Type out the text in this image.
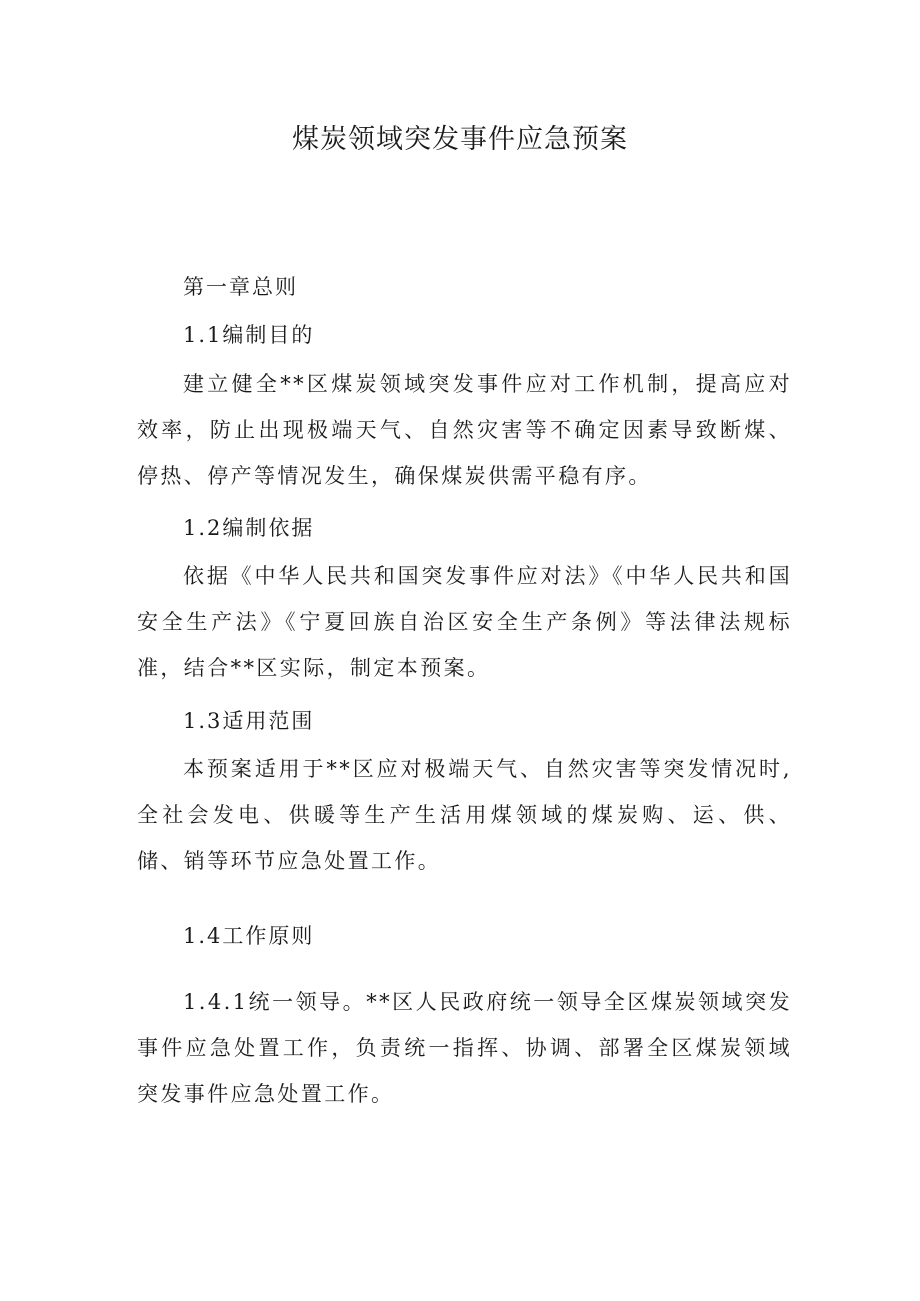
煤炭领域突发事件应急预案

第一章总则

1.1编制目的

建立健全**区煤炭领域突发事件应对工作机制，提高应对效率，防止出现极端天气、自然灾害等不确定因素导致断煤、停热、停产等情况发生，确保煤炭供需平稳有序。

1.2编制依据

依据《中华人民共和国突发事件应对法》《中华人民共和国安全生产法》《宁夏回族自治区安全生产条例》等法律法规标准，结合**区实际，制定本预案。

1.3适用范围

本预案适用于**区应对极端天气、自然灾害等突发情况时,全社会发电、供暖等生产生活用煤领域的煤炭购、运、供、储、销等环节应急处置工作。

1.4工作原则

1.4.1统一领导。**区人民政府统一领导全区煤炭领域突发事件应急处置工作，负责统一指挥、协调、部署全区煤炭领域突发事件应急处置工作。
